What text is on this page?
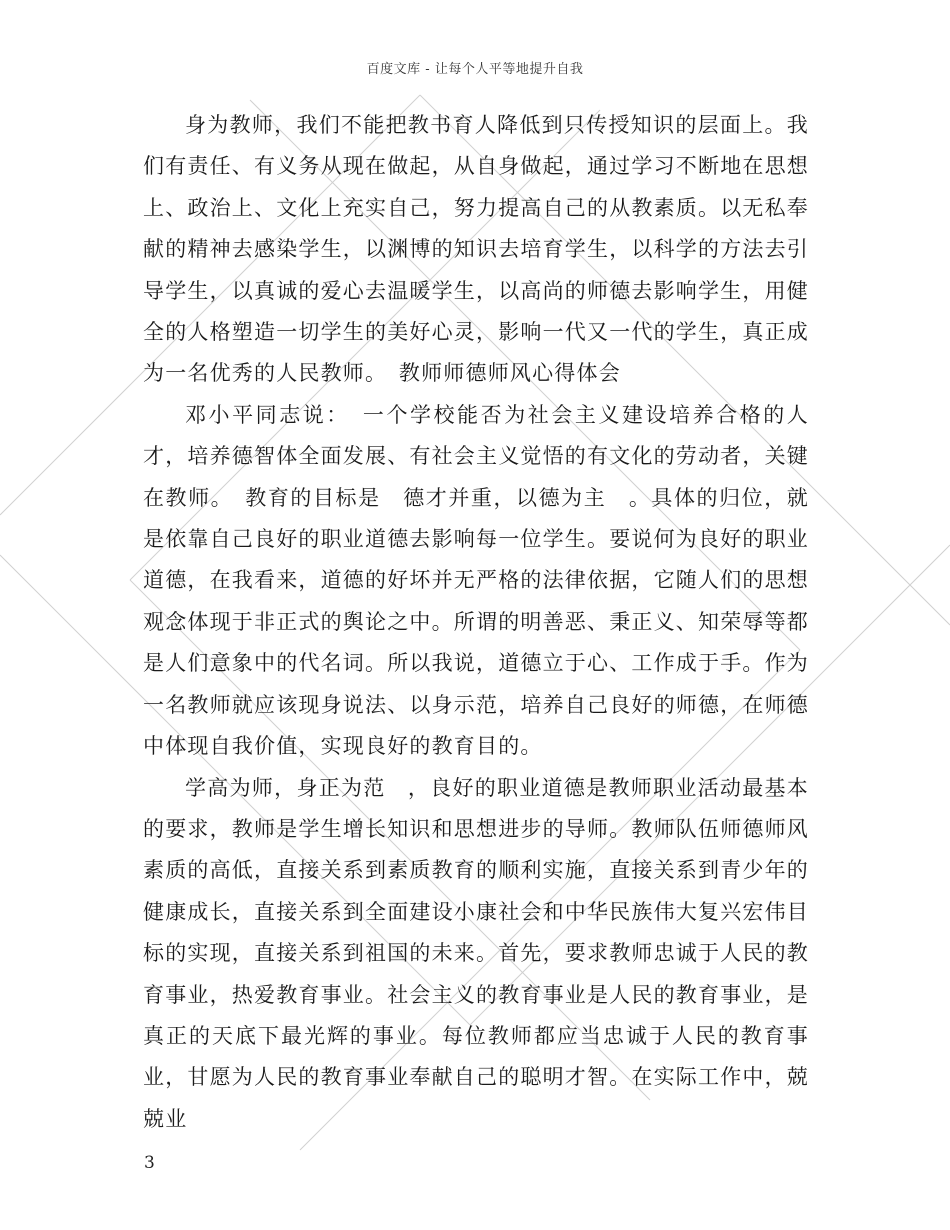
百度文库 - 让每个人平等地提升自我

身为教师，我们不能把教书育人降低到只传授知识的层面上。我们有责任、有义务从现在做起，从自身做起，通过学习不断地在思想上、政治上、文化上充实自己，努力提高自己的从教素质。以无私奉献的精神去感染学生，以渊博的知识去培育学生，以科学的方法去引导学生，以真诚的爱心去温暖学生，以高尚的师德去影响学生，用健全的人格塑造一切学生的美好心灵，影响一代又一代的学生，真正成为一名优秀的人民教师。　教师师德师风心得体会

邓小平同志说：　一个学校能否为社会主义建设培养合格的人才，培养德智体全面发展、有社会主义觉悟的有文化的劳动者，关键在教师。　教育的目标是　德才并重，以德为主　。具体的归位，就是依靠自己良好的职业道德去影响每一位学生。要说何为良好的职业道德，在我看来，道德的好坏并无严格的法律依据，它随人们的思想观念体现于非正式的舆论之中。所谓的明善恶、秉正义、知荣辱等都是人们意象中的代名词。所以我说，道德立于心、工作成于手。作为一名教师就应该现身说法、以身示范，培养自己良好的师德，在师德中体现自我价值，实现良好的教育目的。

学高为师，身正为范　，良好的职业道德是教师职业活动最基本的要求，教师是学生增长知识和思想进步的导师。教师队伍师德师风素质的高低，直接关系到素质教育的顺利实施，直接关系到青少年的健康成长，直接关系到全面建设小康社会和中华民族伟大复兴宏伟目标的实现，直接关系到祖国的未来。首先，要求教师忠诚于人民的教育事业，热爱教育事业。社会主义的教育事业是人民的教育事业，是真正的天底下最光辉的事业。每位教师都应当忠诚于人民的教育事业，甘愿为人民的教育事业奉献自己的聪明才智。在实际工作中，兢兢业

3
